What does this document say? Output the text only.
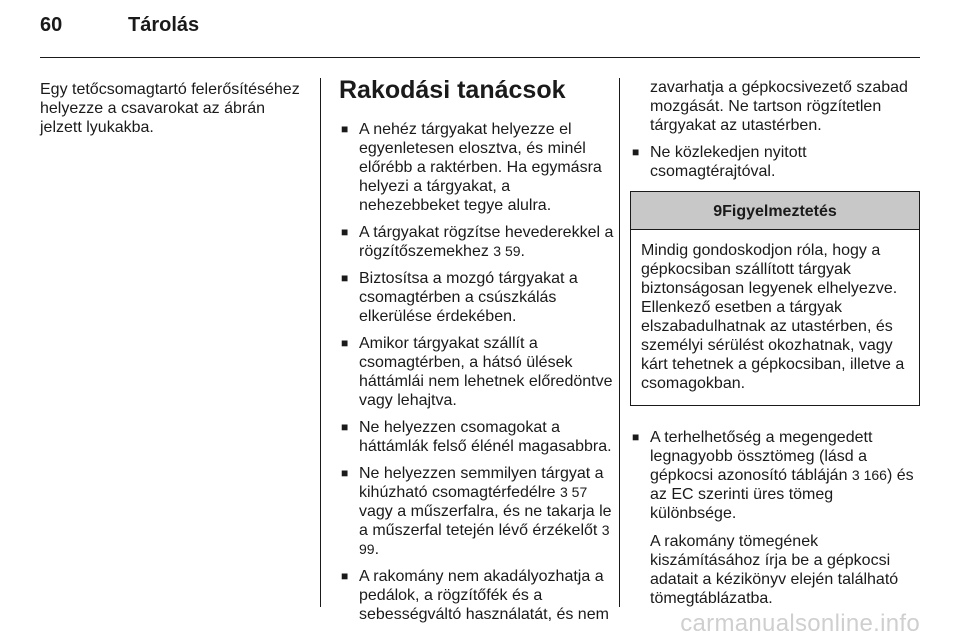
60	Tárolás

Egy tetőcsomagtartó felerősítéséhez helyezze a csavarokat az ábrán jelzett lyukakba.

Rakodási tanácsok
■ A nehéz tárgyakat helyezze el egyenletesen elosztva, és minél előrébb a raktérben. Ha egymásra helyezi a tárgyakat, a nehezebbeket tegye alulra.
■ A tárgyakat rögzítse hevederekkel a rögzítőszemekhez 3 59.
■ Biztosítsa a mozgó tárgyakat a csomagtérben a csúszkálás elkerülése érdekében.
■ Amikor tárgyakat szállít a csomagtérben, a hátsó ülések háttámlái nem lehetnek előredöntve vagy lehajtva.
■ Ne helyezzen csomagokat a háttámlák felső élénél magasabbra.
■ Ne helyezzen semmilyen tárgyat a kihúzható csomagtérfedélre 3 57 vagy a műszerfalra, és ne takarja le a műszerfal tetején lévő érzékelőt 3 99.
■ A rakomány nem akadályozhatja a pedálok, a rögzítőfék és a sebességváltó használatát, és nem

zavarhatja a gépkocsivezető szabad mozgását. Ne tartson rögzítetlen tárgyakat az utastérben.

■ Ne közlekedjen nyitott csomagtérajtóval.
9Figyelmeztetés
Mindig gondoskodjon róla, hogy a gépkocsiban szállított tárgyak biztonságosan legyenek elhelyezve. Ellenkező esetben a tárgyak elszabadulhatnak az utastérben, és személyi sérülést okozhatnak, vagy kárt tehetnek a gépkocsiban, illetve a csomagokban.
■ A terhelhetőség a megengedett legnagyobb össztömeg (lásd a gépkocsi azonosító tábláján 3 166) és az EC szerinti üres tömeg különbsége.

A rakomány tömegének kiszámításához írja be a gépkocsi adatait a kézikönyv elején található tömegtáblázatba.

carmanualsonline.info
